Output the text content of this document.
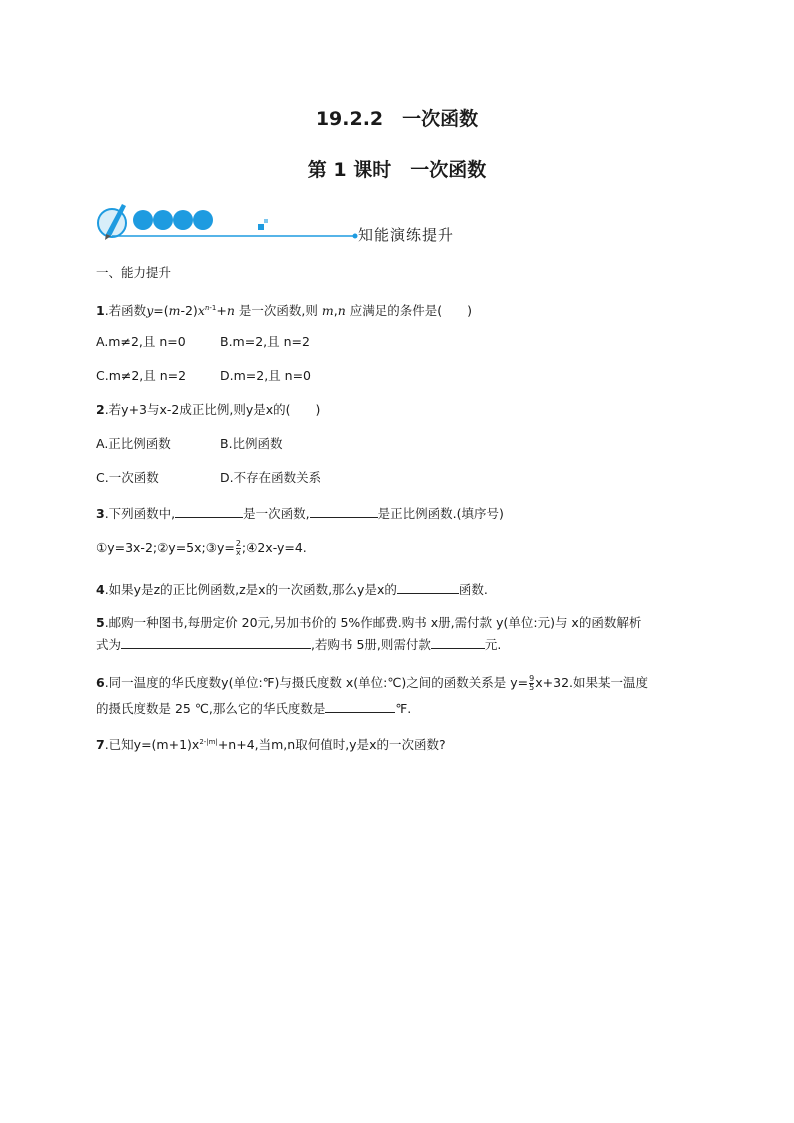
19.2.2　一次函数
第 1 课时　一次函数
知能演练提升
一、能力提升
1.若函数$y=(m-2)x^{n-1}+n$ 是一次函数,则 m,n 应满足的条件是(　　)
A.m≠2,且 n=0	B.m=2,且 n=2
C.m≠2,且 n=2	D.m=2,且 n=0
2.若y+3与x-2成正比例,则y是x的(　　)
A.正比例函数	B.比例函数
C.一次函数	D.不存在函数关系
3.下列函数中,	是一次函数,	是正比例函数.(填序号)
①y=3x-2;②y=5x;③y= $\frac{2}{x}$ ;④2x-y=4.
4.如果y是z的正比例函数,z是x的一次函数,那么y是x的	函数.
5.邮购一种图书,每册定价 20元,另加书价的 5%作邮费.购书 x册,需付款 y(单位:元)与 x的函数解析
式为	,若购书 5册,则需付款	元.
6.同一温度的华氏度数y(单位:℉)与摄氏度数 x(单位:℃)之间的函数关系是 $y= \frac{9}{5} x+32$.如果某一温度
的摄氏度数是 25 ℃,那么它的华氏度数是	℉.
7.已知$y=(m+1)x^{2-|m|}+n+4$,当m,n取何值时,y是x的一次函数?
